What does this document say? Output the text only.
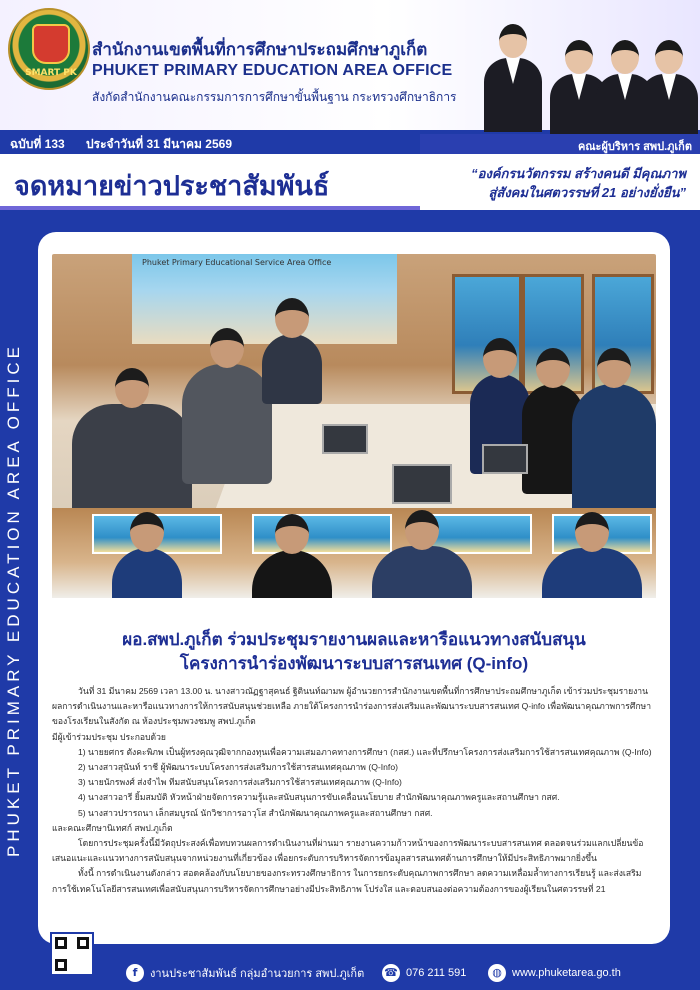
SMART PK
สำนักงานเขตพื้นที่การศึกษาประถมศึกษาภูเก็ต
PHUKET PRIMARY EDUCATION AREA OFFICE
สังกัดสำนักงานคณะกรรมการการศึกษาขั้นพื้นฐาน กระทรวงศึกษาธิการ
ฉบับที่ 133 ประจำวันที่ 31 มีนาคม 2569	คณะผู้บริหาร สพป.ภูเก็ต
จดหมายข่าวประชาสัมพันธ์	“องค์กรนวัตกรรม สร้างคนดี มีคุณภาพ
สู่สังคมในศตวรรษที่ 21 อย่างยั่งยืน”
PHUKET PRIMARY EDUCATION AREA OFFICE
Phuket Primary Educational Service Area Office
ผอ.สพป.ภูเก็ต ร่วมประชุมรายงานผลและหารือแนวทางสนับสนุน
โครงการนำร่องพัฒนาระบบสารสนเทศ (Q-info)

วันที่ 31 มีนาคม 2569 เวลา 13.00 น. นางสาวณัฏฐาสุคนธ์ ฐิตินนท์ฌามพ ผู้อำนวยการสำนักงานเขตพื้นที่การศึกษาประถมศึกษาภูเก็ต เข้าร่วมประชุมรายงานผลการดำเนินงานและหารือแนวทางการให้การสนับสนุนช่วยเหลือ ภายใต้โครงการนำร่องการส่งเสริมและพัฒนาระบบสารสนเทศ Q-info เพื่อพัฒนาคุณภาพการศึกษาของโรงเรียนในสังกัด ณ ห้องประชุมพวงชมพู สพป.ภูเก็ต

มีผู้เข้าร่วมประชุม ประกอบด้วย

1) นายยศกร ตังคะพิภพ เป็นผู้ทรงคุณวุฒิจากกองทุนเพื่อความเสมอภาคทางการศึกษา (กสศ.) และที่ปรึกษาโครงการส่งเสริมการใช้สารสนเทศคุณภาพ (Q-Info)
2) นางสาวสุนันท์ ราชี ผู้พัฒนาระบบโครงการส่งเสริมการใช้สารสนเทศคุณภาพ (Q-Info)
3) นายนักรพงศ์ ส่งจำไพ ทีมสนับสนุนโครงการส่งเสริมการใช้สารสนเทศคุณภาพ (Q-Info)
4) นางสาวอารี ยิ้มสมบัติ หัวหน้าฝ่ายจัดการความรู้และสนับสนุนการขับเคลื่อนนโยบาย สำนักพัฒนาคุณภาพครูและสถานศึกษา กสศ.
5) นางสาวปรารถนา เล็กสมบูรณ์ นักวิชาการอาวุโส สำนักพัฒนาคุณภาพครูและสถานศึกษา กสศ.

และคณะศึกษานิเทศก์ สพป.ภูเก็ต

โดยการประชุมครั้งนี้มีวัตถุประสงค์เพื่อทบทวนผลการดำเนินงานที่ผ่านมา รายงานความก้าวหน้าของการพัฒนาระบบสารสนเทศ ตลอดจนร่วมแลกเปลี่ยนข้อเสนอแนะและแนวทางการสนับสนุนจากหน่วยงานที่เกี่ยวข้อง เพื่อยกระดับการบริหารจัดการข้อมูลสารสนเทศด้านการศึกษาให้มีประสิทธิภาพมากยิ่งขึ้น

ทั้งนี้ การดำเนินงานดังกล่าว สอดคล้องกับนโยบายของกระทรวงศึกษาธิการ ในการยกระดับคุณภาพการศึกษา ลดความเหลื่อมล้ำทางการเรียนรู้ และส่งเสริมการใช้เทคโนโลยีสารสนเทศเพื่อสนับสนุนการบริหารจัดการศึกษาอย่างมีประสิทธิภาพ โปร่งใส และตอบสนองต่อความต้องการของผู้เรียนในศตวรรษที่ 21

f	งานประชาสัมพันธ์ กลุ่มอำนวยการ สพป.ภูเก็ต ☎ 076 211 591	◍ www.phuketarea.go.th
